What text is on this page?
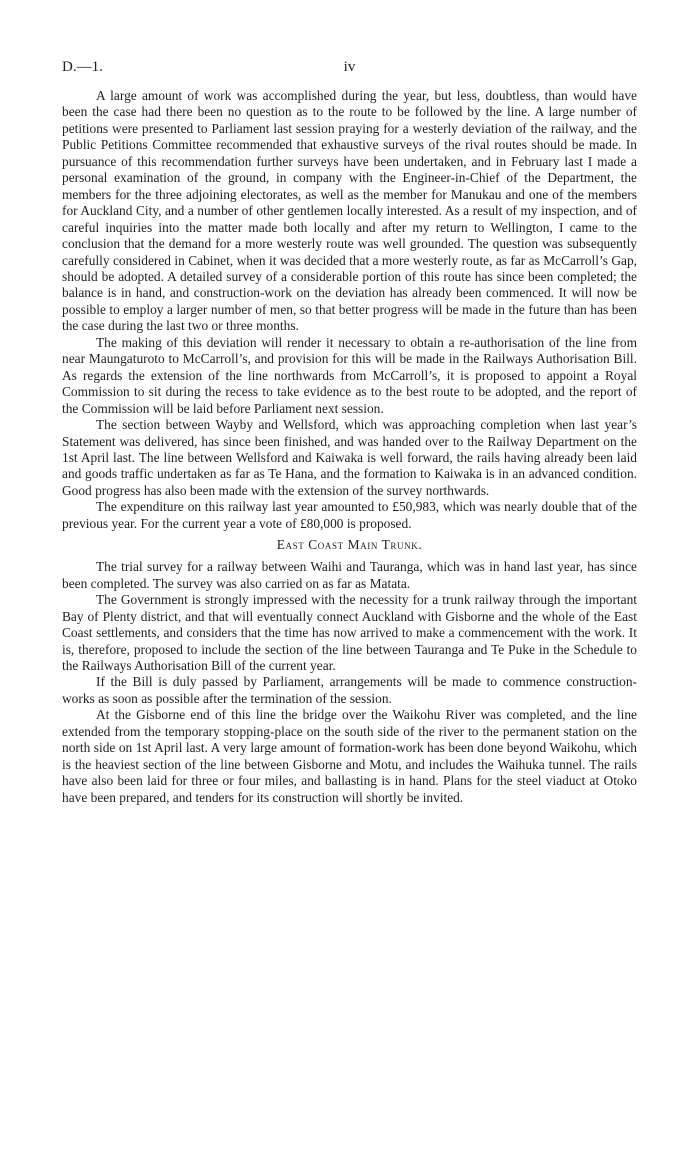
D.—1.	iv

A large amount of work was accomplished during the year, but less, doubtless, than would have been the case had there been no question as to the route to be followed by the line. A large number of petitions were presented to Parliament last session praying for a westerly deviation of the railway, and the Public Petitions Committee recommended that exhaustive surveys of the rival routes should be made. In pursuance of this recommendation further surveys have been undertaken, and in February last I made a personal examination of the ground, in company with the Engineer-in-Chief of the Department, the members for the three adjoining electorates, as well as the member for Manukau and one of the members for Auckland City, and a number of other gentlemen locally interested. As a result of my inspection, and of careful inquiries into the matter made both locally and after my return to Wellington, I came to the conclusion that the demand for a more westerly route was well grounded. The question was subsequently carefully considered in Cabinet, when it was decided that a more westerly route, as far as McCarroll’s Gap, should be adopted. A detailed survey of a considerable portion of this route has since been completed; the balance is in hand, and construction-work on the deviation has already been commenced. It will now be possible to employ a larger number of men, so that better progress will be made in the future than has been the case during the last two or three months.

The making of this deviation will render it necessary to obtain a re-authorisation of the line from near Maungaturoto to McCarroll’s, and provision for this will be made in the Railways Authorisation Bill. As regards the extension of the line northwards from McCarroll’s, it is proposed to appoint a Royal Commission to sit during the recess to take evidence as to the best route to be adopted, and the report of the Commission will be laid before Parliament next session.

The section between Wayby and Wellsford, which was approaching completion when last year’s Statement was delivered, has since been finished, and was handed over to the Railway Department on the 1st April last. The line between Wellsford and Kaiwaka is well forward, the rails having already been laid and goods traffic undertaken as far as Te Hana, and the formation to Kaiwaka is in an advanced condition. Good progress has also been made with the extension of the survey northwards.

The expenditure on this railway last year amounted to £50,983, which was nearly double that of the previous year. For the current year a vote of £80,000 is proposed.

East Coast Main Trunk.

The trial survey for a railway between Waihi and Tauranga, which was in hand last year, has since been completed. The survey was also carried on as far as Matata.

The Government is strongly impressed with the necessity for a trunk railway through the important Bay of Plenty district, and that will eventually connect Auckland with Gisborne and the whole of the East Coast settlements, and considers that the time has now arrived to make a commencement with the work. It is, therefore, proposed to include the section of the line between Tauranga and Te Puke in the Schedule to the Railways Authorisation Bill of the current year.

If the Bill is duly passed by Parliament, arrangements will be made to commence construction-works as soon as possible after the termination of the session.

At the Gisborne end of this line the bridge over the Waikohu River was completed, and the line extended from the temporary stopping-place on the south side of the river to the permanent station on the north side on 1st April last. A very large amount of formation-work has been done beyond Waikohu, which is the heaviest section of the line between Gisborne and Motu, and includes the Waihuka tunnel. The rails have also been laid for three or four miles, and ballasting is in hand. Plans for the steel viaduct at Otoko have been prepared, and tenders for its construction will shortly be invited.
